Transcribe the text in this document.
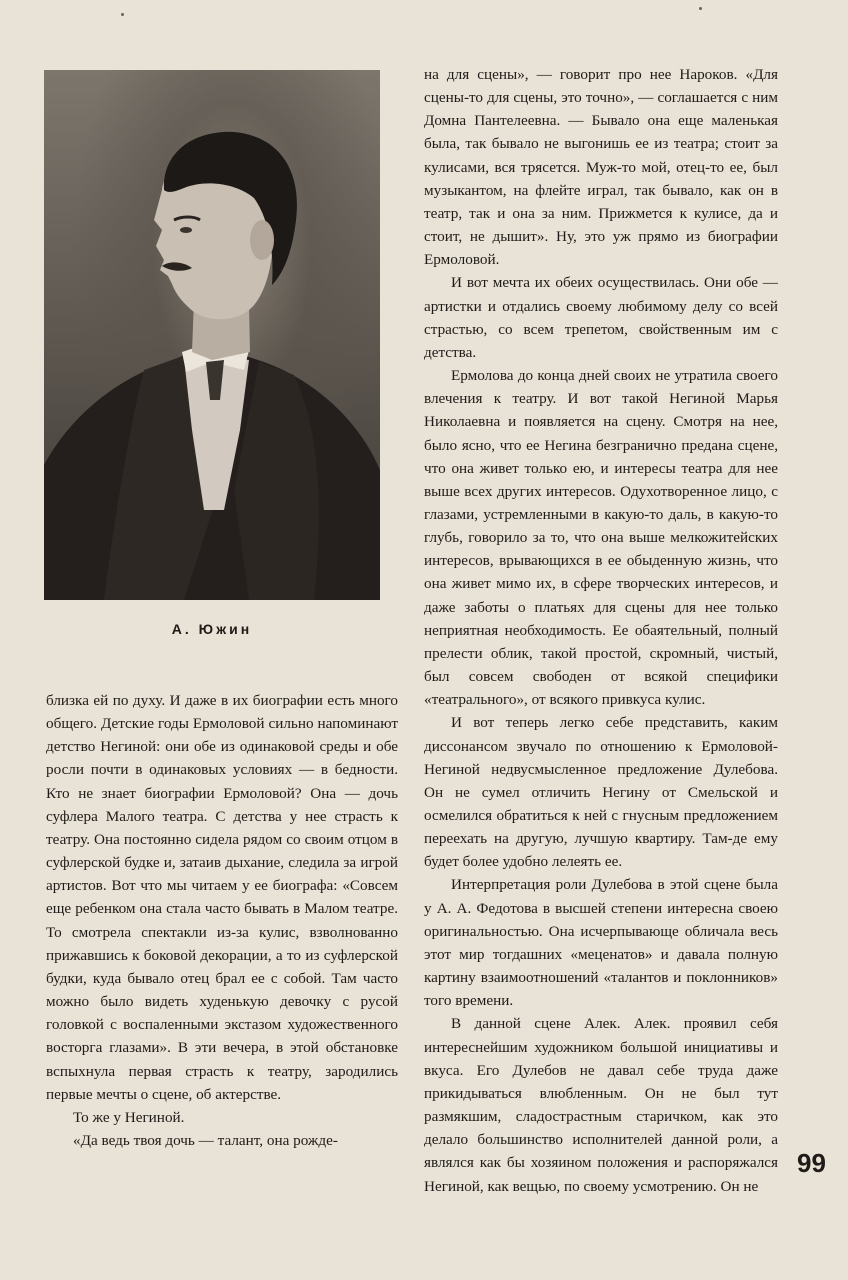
А. Южин

близка ей по духу. И даже в их биографии есть много общего. Детские годы Ермоловой сильно напоминают детство Негиной: они обе из одинаковой среды и обе росли почти в одинаковых условиях — в бедности. Кто не знает биографии Ермоловой? Она — дочь суфлера Малого театра. С детства у нее страсть к театру. Она постоянно сидела рядом со своим отцом в суфлерской будке и, затаив дыхание, следила за игрой артистов. Вот что мы читаем у ее биографа: «Совсем еще ребенком она стала часто бывать в Малом театре. То смотрела спектакли из-за кулис, взволнованно прижавшись к боковой декорации, а то из суфлерской будки, куда бывало отец брал ее с собой. Там часто можно было видеть худенькую девочку с русой головкой с воспаленными экстазом художественного восторга глазами». В эти вечера, в этой обстановке вспыхнула первая страсть к театру, зародились первые мечты о сцене, об актерстве.

То же у Негиной.

«Да ведь твоя дочь — талант, она рожде-

на для сцены», — говорит про нее Нароков. «Для сцены-то для сцены, это точно», — соглашается с ним Домна Пантелеевна. — Бывало она еще маленькая была, так бывало не выгонишь ее из театра; стоит за кулисами, вся трясется. Муж-то мой, отец-то ее, был музыкантом, на флейте играл, так бывало, как он в театр, так и она за ним. Прижмется к кулисе, да и стоит, не дышит». Ну, это уж прямо из биографии Ермоловой.

И вот мечта их обеих осуществилась. Они обе — артистки и отдались своему любимому делу со всей страстью, со всем трепетом, свойственным им с детства.

Ермолова до конца дней своих не утратила своего влечения к театру. И вот такой Негиной Марья Николаевна и появляется на сцену. Смотря на нее, было ясно, что ее Негина безгранично предана сцене, что она живет только ею, и интересы театра для нее выше всех других интересов. Одухотворенное лицо, с глазами, устремленными в какую-то даль, в какую-то глубь, говорило за то, что она выше мелкожитейских интересов, врывающихся в ее обыденную жизнь, что она живет мимо их, в сфере творческих интересов, и даже заботы о платьях для сцены для нее только неприятная необходимость. Ее обаятельный, полный прелести облик, такой простой, скромный, чистый, был совсем свободен от всякой специфики «театрального», от всякого привкуса кулис.

И вот теперь легко себе представить, каким диссонансом звучало по отношению к Ермоловой-Негиной недвусмысленное предложение Дулебова. Он не сумел отличить Негину от Смельской и осмелился обратиться к ней с гнусным предложением переехать на другую, лучшую квартиру. Там-де ему будет более удобно лелеять ее.

Интерпретация роли Дулебова в этой сцене была у А. А. Федотова в высшей степени интересна своею оригинальностью. Она исчерпывающе обличала весь этот мир тогдашних «меценатов» и давала полную картину взаимоотношений «талантов и поклонников» того времени.

В данной сцене Алек. Алек. проявил себя интереснейшим художником большой инициативы и вкуса. Его Дулебов не давал себе труда даже прикидываться влюбленным. Он не был тут размякшим, сладострастным старичком, как это делало большинство исполнителей данной роли, а являлся как бы хозяином положения и распоряжался Негиной, как вещью, по своему усмотрению. Он не

99
